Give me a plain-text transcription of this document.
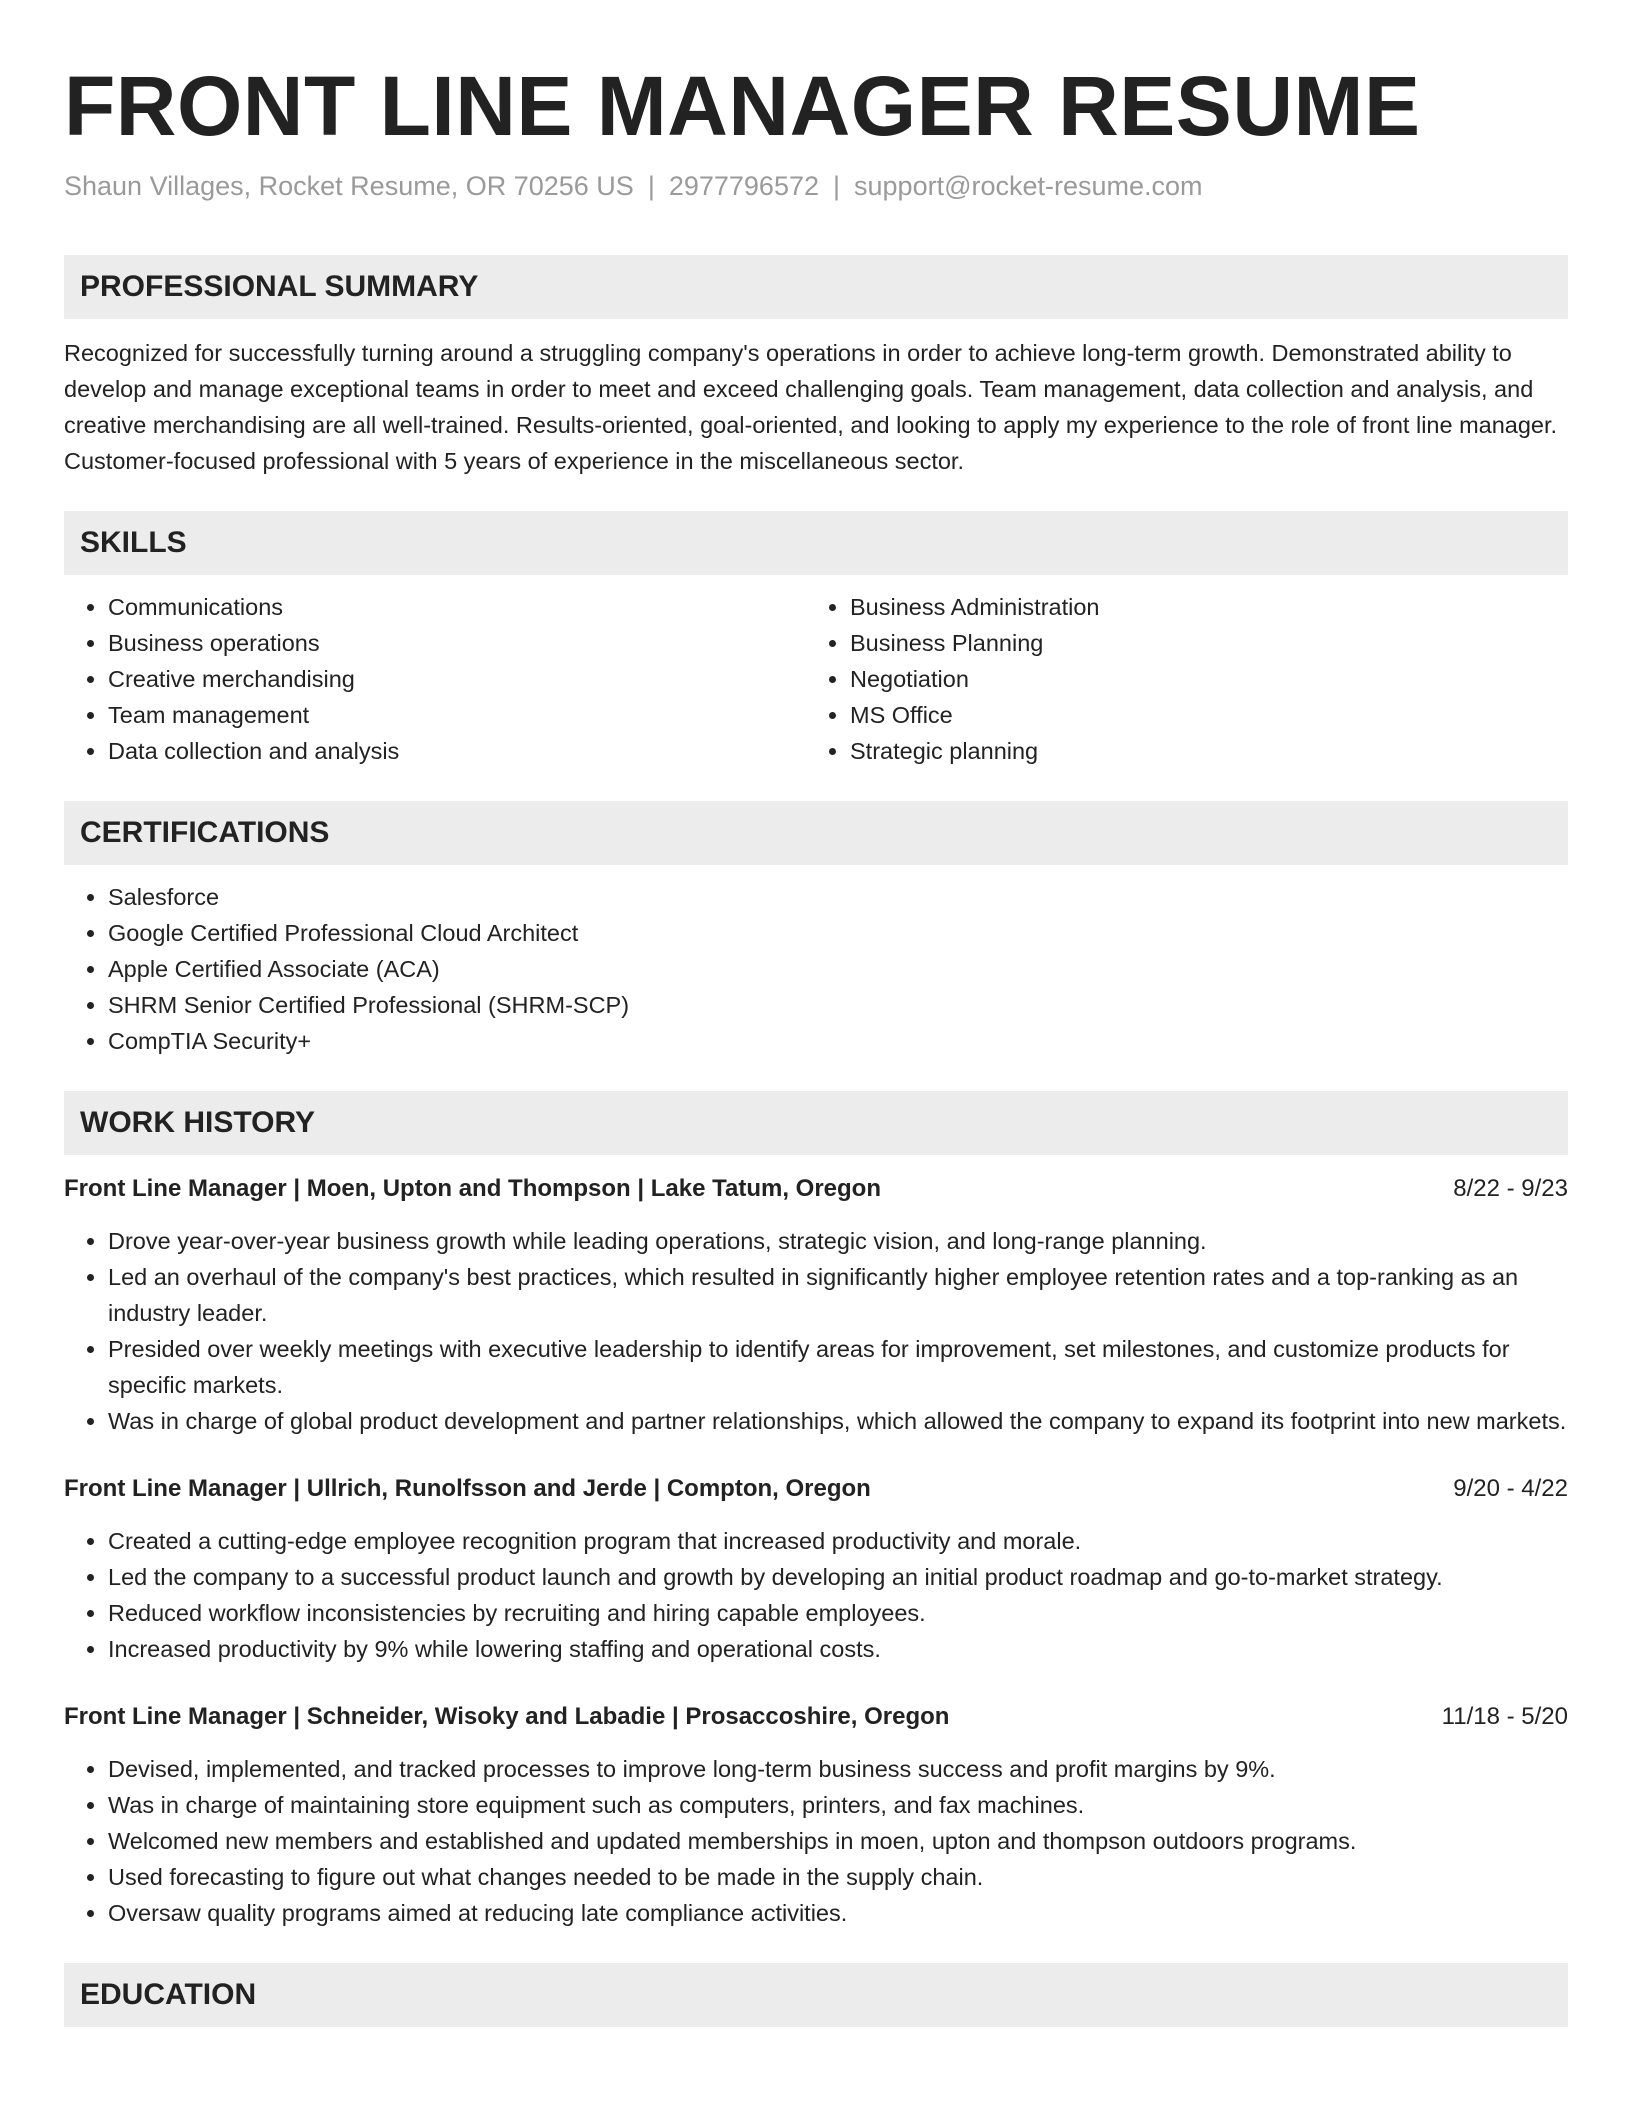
FRONT LINE MANAGER RESUME
Shaun Villages, Rocket Resume, OR 70256 US | 2977796572 | support@rocket-resume.com
PROFESSIONAL SUMMARY

Recognized for successfully turning around a struggling company's operations in order to achieve long-term growth. Demonstrated ability to develop and manage exceptional teams in order to meet and exceed challenging goals. Team management, data collection and analysis, and creative merchandising are all well-trained. Results-oriented, goal-oriented, and looking to apply my experience to the role of front line manager. Customer-focused professional with 5 years of experience in the miscellaneous sector.

SKILLS
• Communications
• Business operations
• Creative merchandising
• Team management
• Data collection and analysis
• Business Administration
• Business Planning
• Negotiation
• MS Office
• Strategic planning
CERTIFICATIONS
• Salesforce
• Google Certified Professional Cloud Architect
• Apple Certified Associate (ACA)
• SHRM Senior Certified Professional (SHRM-SCP)
• CompTIA Security+
WORK HISTORY
Front Line Manager | Moen, Upton and Thompson | Lake Tatum, Oregon	8/22 - 9/23
• Drove year-over-year business growth while leading operations, strategic vision, and long-range planning.
• Led an overhaul of the company's best practices, which resulted in significantly higher employee retention rates and a top-ranking as an industry leader.
• Presided over weekly meetings with executive leadership to identify areas for improvement, set milestones, and customize products for specific markets.
• Was in charge of global product development and partner relationships, which allowed the company to expand its footprint into new markets.
Front Line Manager | Ullrich, Runolfsson and Jerde | Compton, Oregon	9/20 - 4/22
• Created a cutting-edge employee recognition program that increased productivity and morale.
• Led the company to a successful product launch and growth by developing an initial product roadmap and go-to-market strategy.
• Reduced workflow inconsistencies by recruiting and hiring capable employees.
• Increased productivity by 9% while lowering staffing and operational costs.
Front Line Manager | Schneider, Wisoky and Labadie | Prosaccoshire, Oregon	11/18 - 5/20
• Devised, implemented, and tracked processes to improve long-term business success and profit margins by 9%.
• Was in charge of maintaining store equipment such as computers, printers, and fax machines.
• Welcomed new members and established and updated memberships in moen, upton and thompson outdoors programs.
• Used forecasting to figure out what changes needed to be made in the supply chain.
• Oversaw quality programs aimed at reducing late compliance activities.
EDUCATION
